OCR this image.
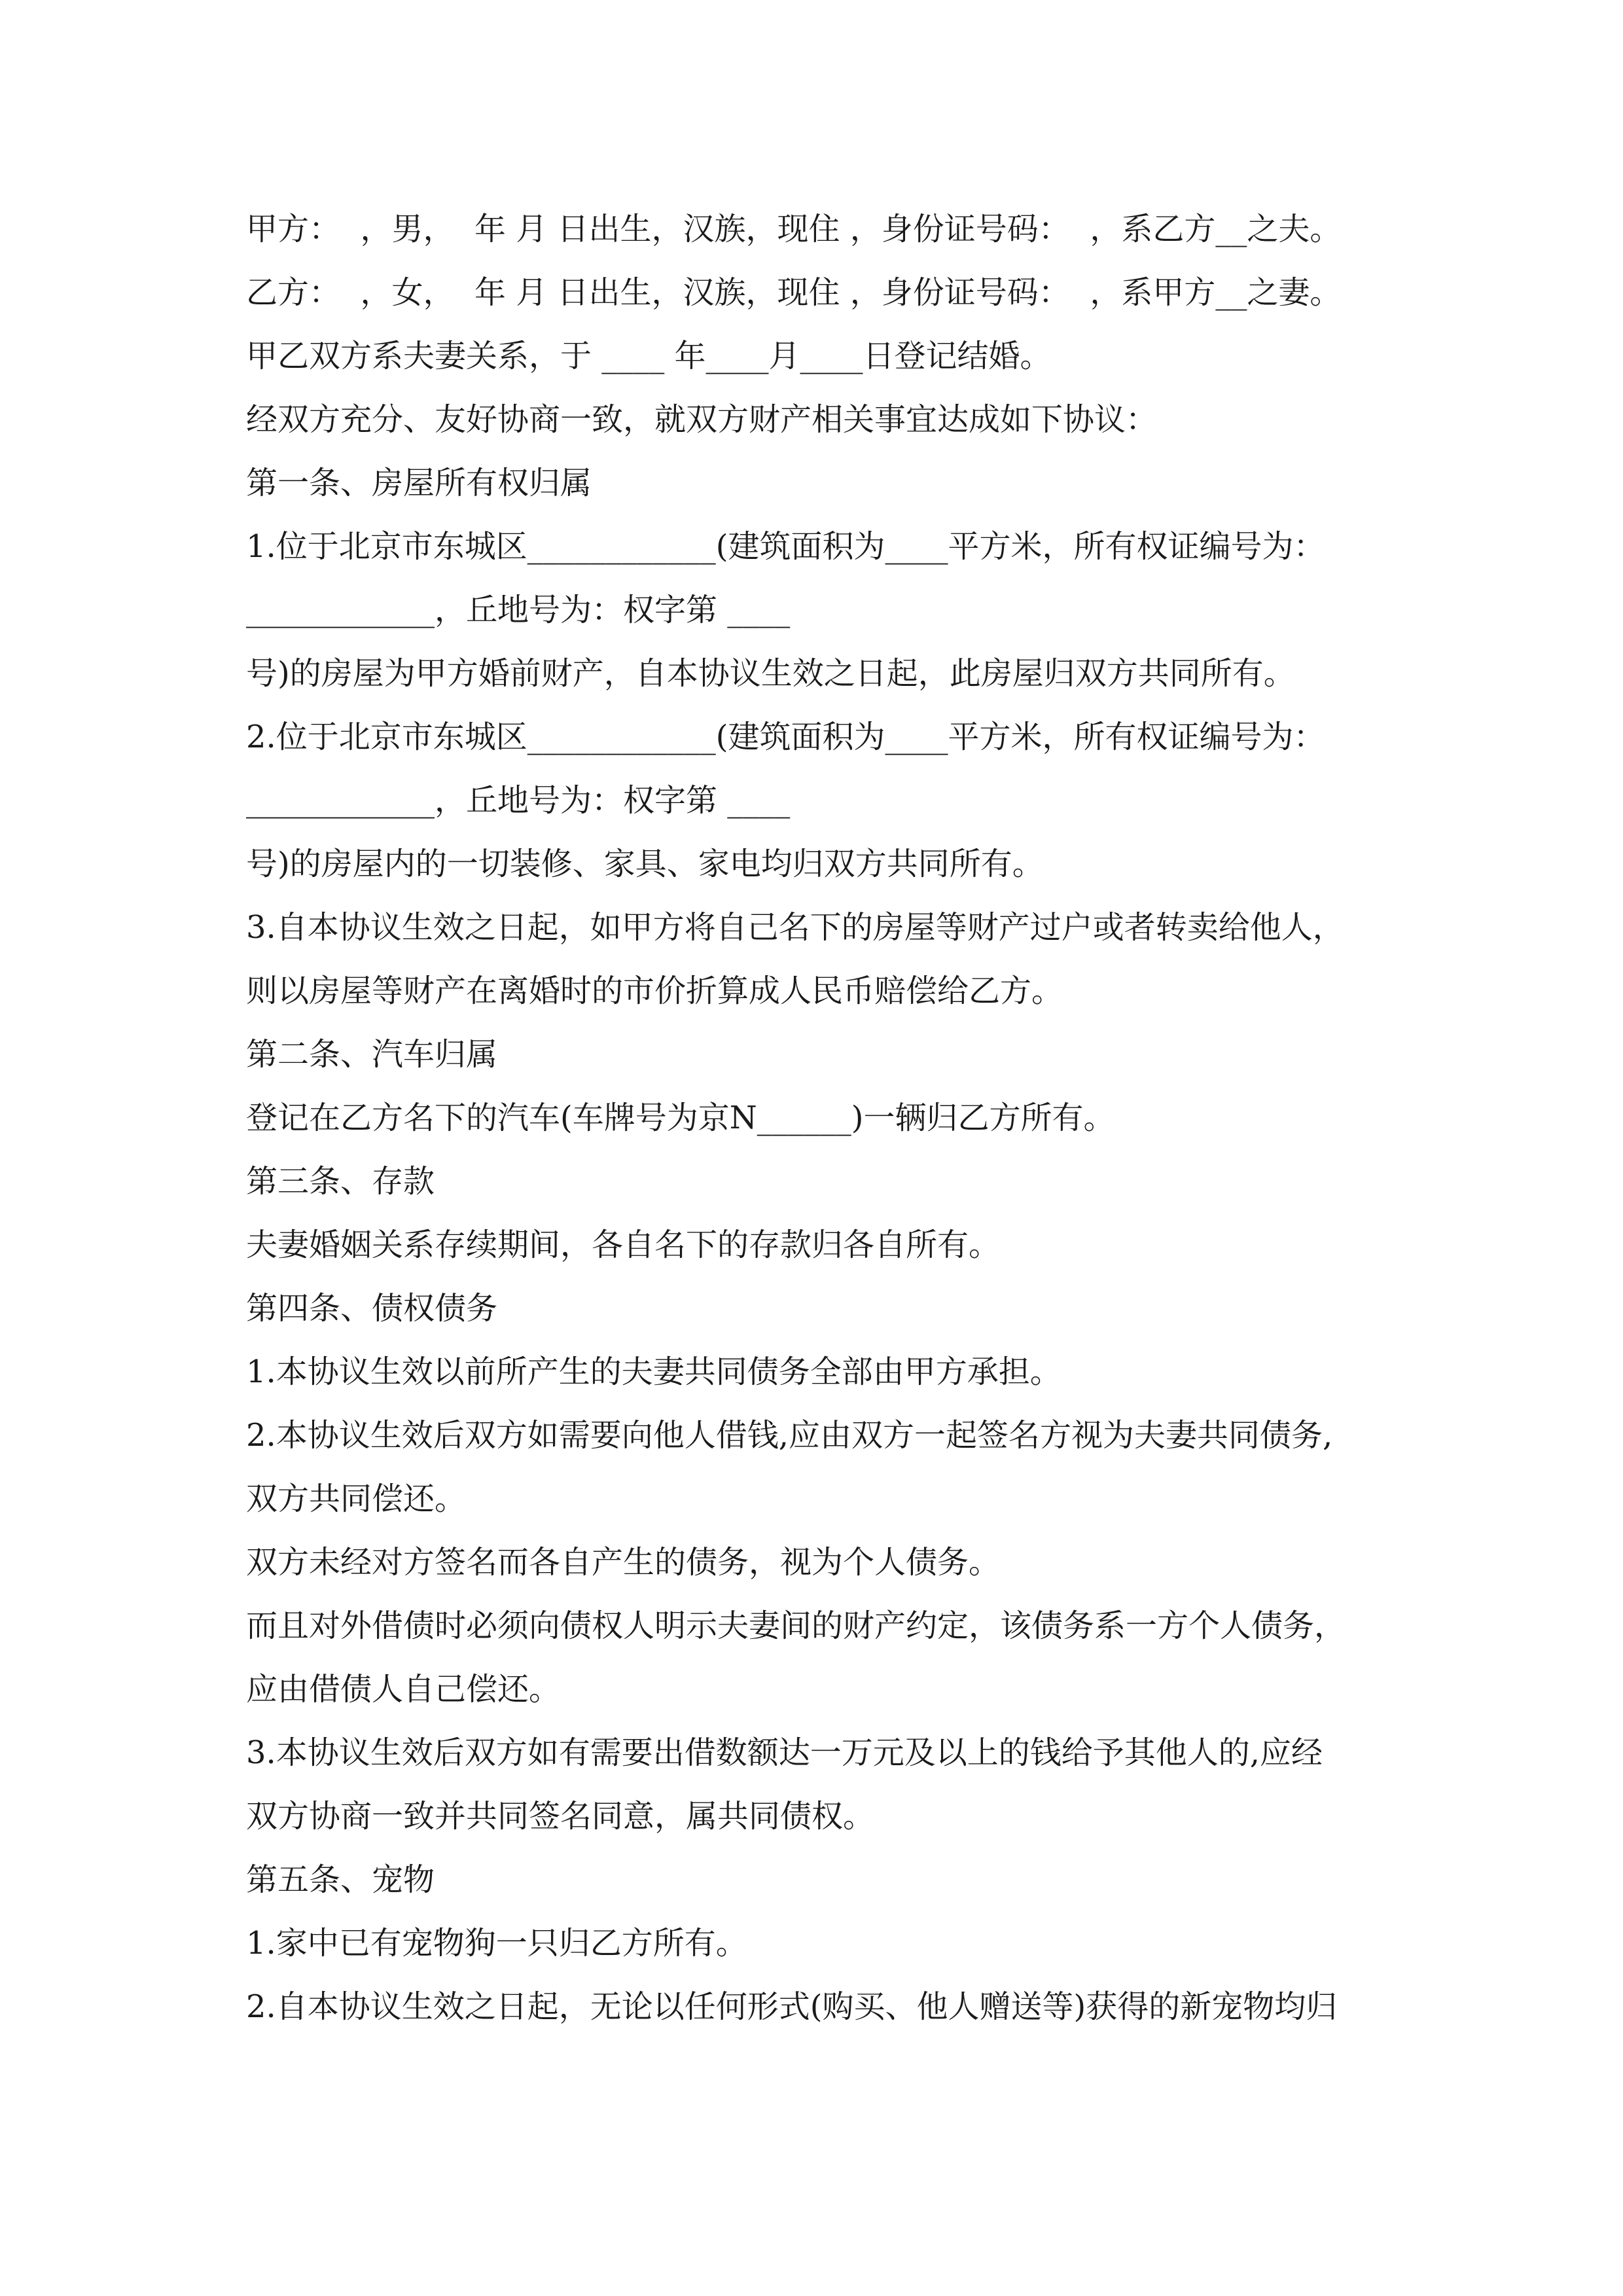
甲方：  ，男，  年 月 日出生，汉族，现住 ，身份证号码：  ，系乙方__之夫。

乙方：  ，女，  年 月 日出生，汉族，现住 ，身份证号码：  ，系甲方__之妻。

甲乙双方系夫妻关系，于 ____ 年____月____日登记结婚。

经双方充分、友好协商一致，就双方财产相关事宜达成如下协议：

第一条、房屋所有权归属

1.位于北京市东城区____________(建筑面积为____平方米，所有权证编号为：

____________，丘地号为：权字第 ____

号)的房屋为甲方婚前财产，自本协议生效之日起，此房屋归双方共同所有。

2.位于北京市东城区____________(建筑面积为____平方米，所有权证编号为：

____________，丘地号为：权字第 ____

号)的房屋内的一切装修、家具、家电均归双方共同所有。

3.自本协议生效之日起，如甲方将自己名下的房屋等财产过户或者转卖给他人，

则以房屋等财产在离婚时的市价折算成人民币赔偿给乙方。

第二条、汽车归属

登记在乙方名下的汽车(车牌号为京N______)一辆归乙方所有。

第三条、存款

夫妻婚姻关系存续期间，各自名下的存款归各自所有。

第四条、债权债务

1.本协议生效以前所产生的夫妻共同债务全部由甲方承担。

2.本协议生效后双方如需要向他人借钱,应由双方一起签名方视为夫妻共同债务,

双方共同偿还。

双方未经对方签名而各自产生的债务，视为个人债务。

而且对外借债时必须向债权人明示夫妻间的财产约定，该债务系一方个人债务，

应由借债人自己偿还。

3.本协议生效后双方如有需要出借数额达一万元及以上的钱给予其他人的,应经

双方协商一致并共同签名同意，属共同债权。

第五条、宠物

1.家中已有宠物狗一只归乙方所有。

2.自本协议生效之日起，无论以任何形式(购买、他人赠送等)获得的新宠物均归
